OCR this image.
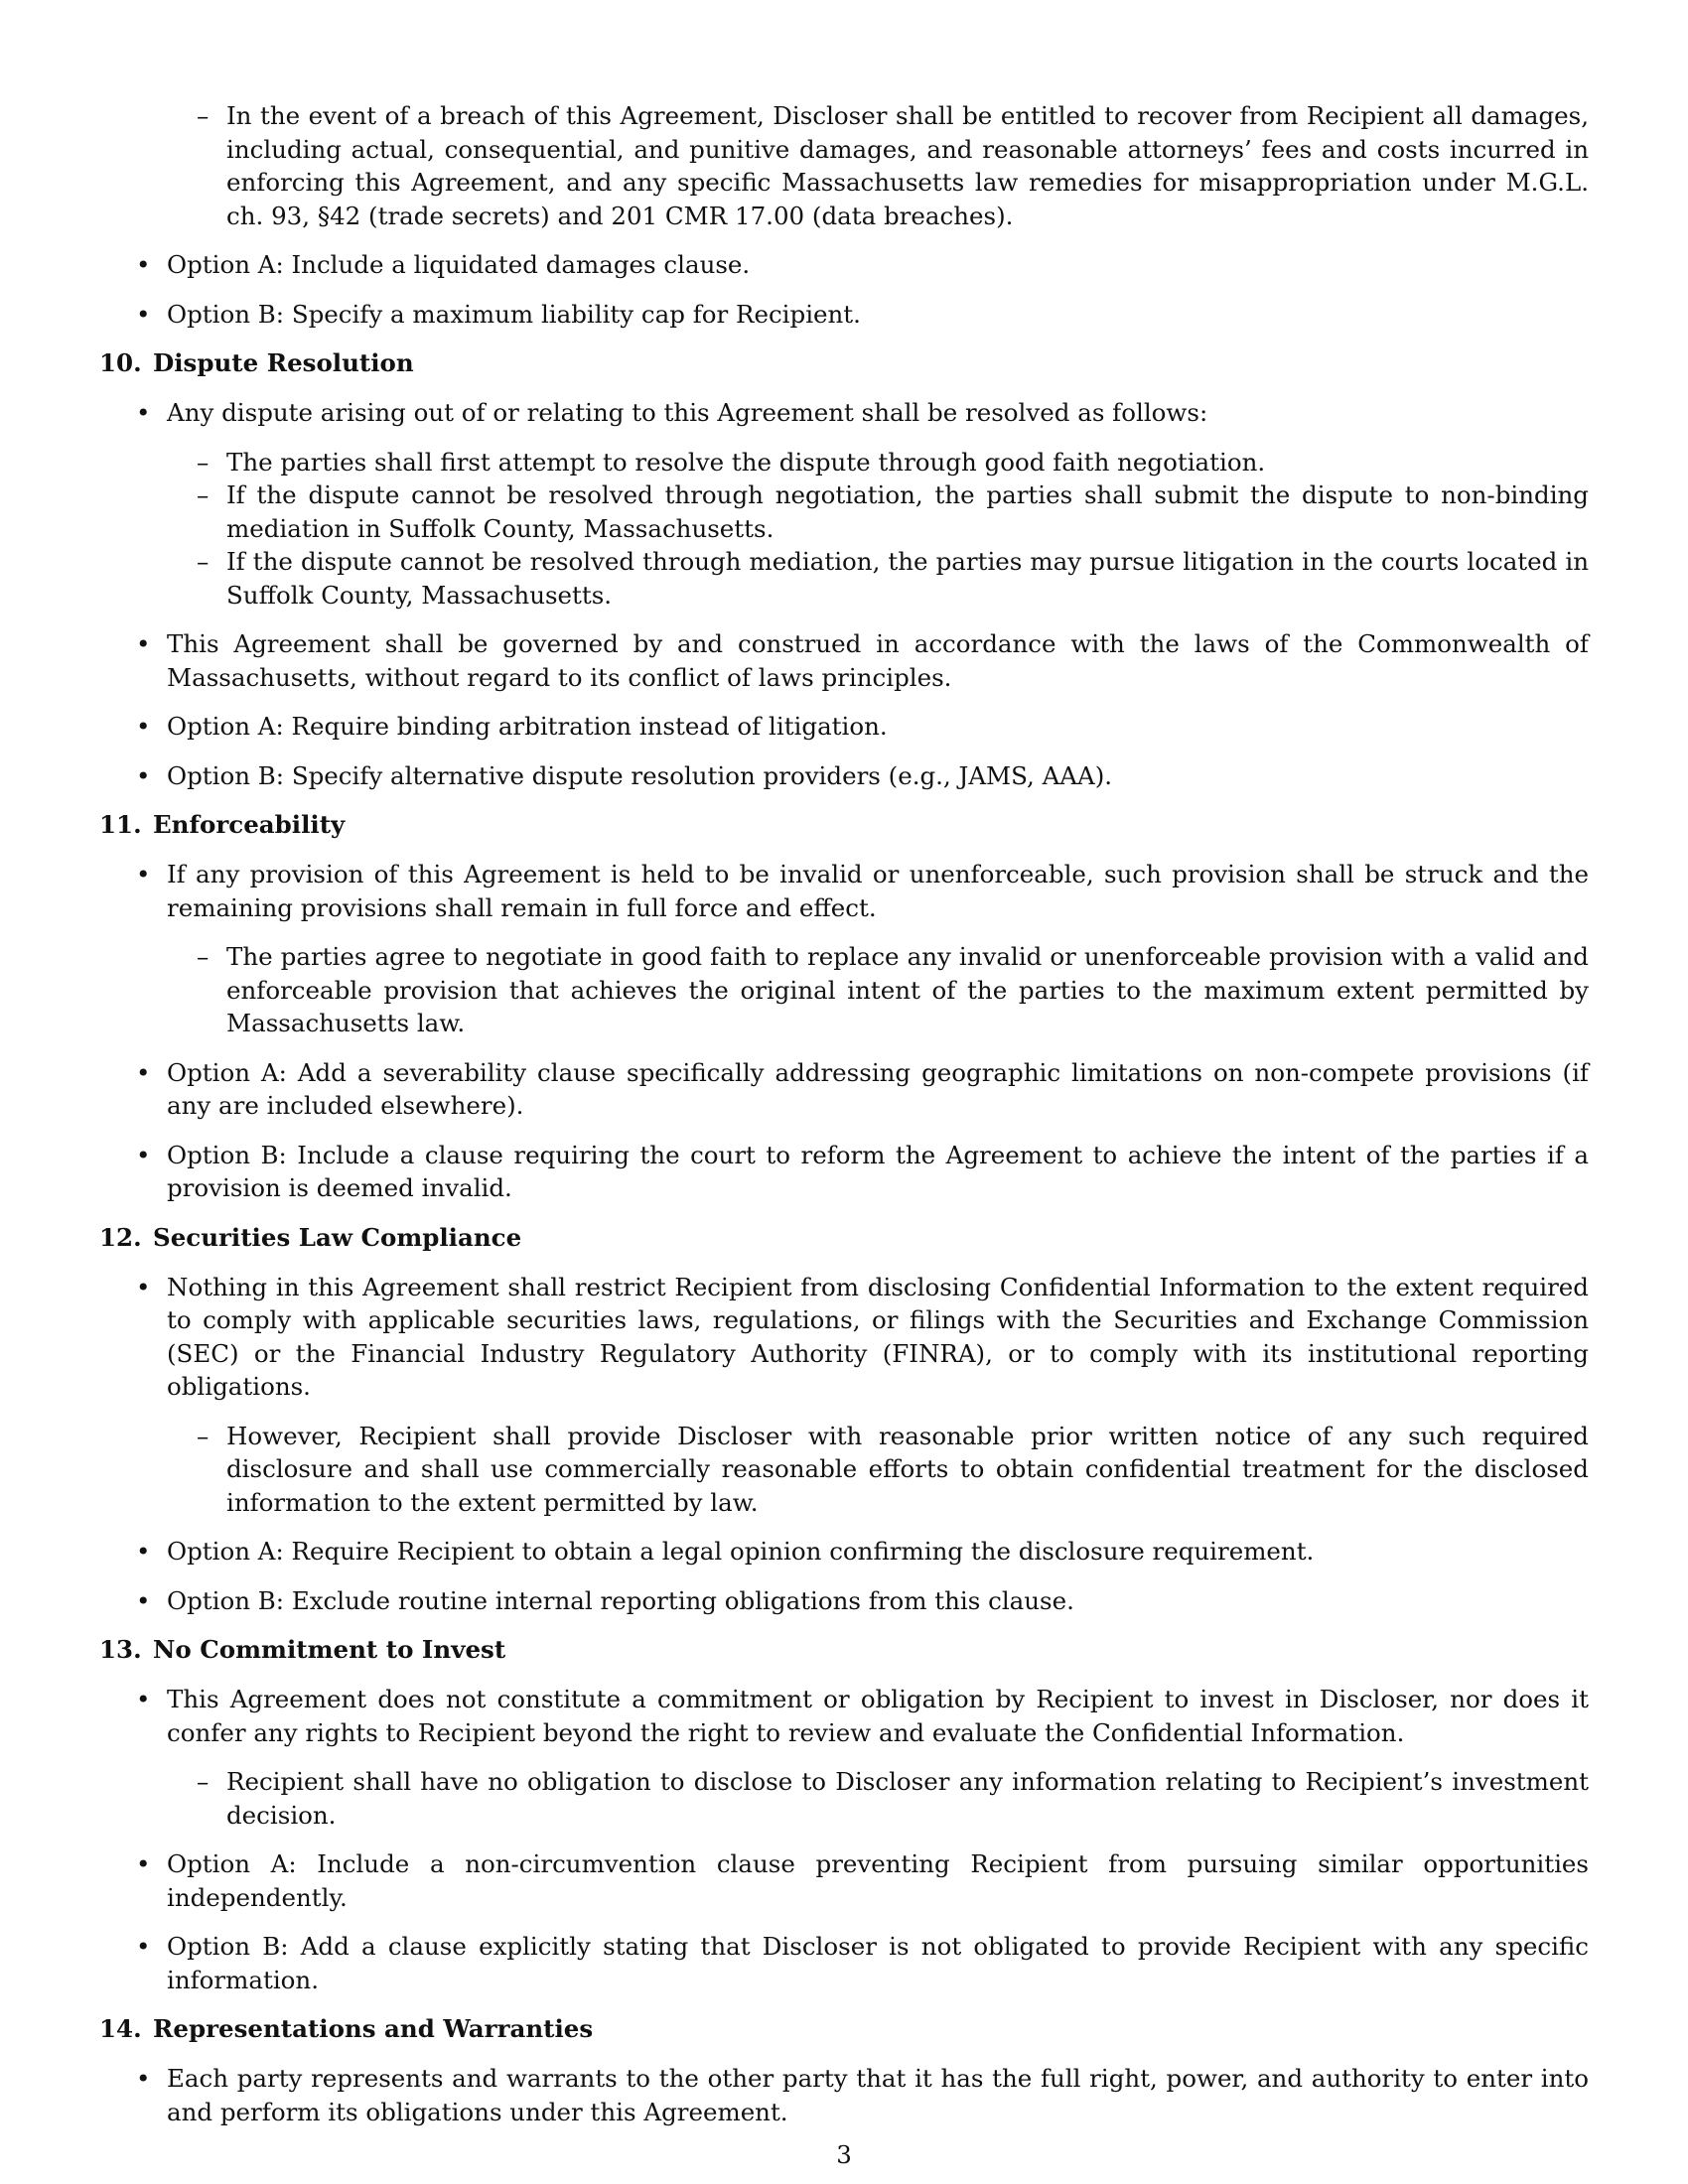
– In the event of a breach of this Agreement, Discloser shall be entitled to recover from Recipient all damages, including actual, consequential, and punitive damages, and reasonable attorneys’ fees and costs incurred in enforcing this Agreement, and any specific Massachusetts law remedies for misappropriation under M.G.L. ch. 93, §42 (trade secrets) and 201 CMR 17.00 (data breaches).

• Option A: Include a liquidated damages clause.

• Option B: Specify a maximum liability cap for Recipient.

10. Dispute Resolution

• Any dispute arising out of or relating to this Agreement shall be resolved as follows:

– The parties shall first attempt to resolve the dispute through good faith negotiation.

– If the dispute cannot be resolved through negotiation, the parties shall submit the dispute to non-binding mediation in Suffolk County, Massachusetts.

– If the dispute cannot be resolved through mediation, the parties may pursue litigation in the courts located in Suffolk County, Massachusetts.

• This Agreement shall be governed by and construed in accordance with the laws of the Commonwealth of Massachusetts, without regard to its conflict of laws principles.

• Option A: Require binding arbitration instead of litigation.

• Option B: Specify alternative dispute resolution providers (e.g., JAMS, AAA).

11. Enforceability

• If any provision of this Agreement is held to be invalid or unenforceable, such provision shall be struck and the remaining provisions shall remain in full force and effect.

– The parties agree to negotiate in good faith to replace any invalid or unenforceable provision with a valid and enforceable provision that achieves the original intent of the parties to the maximum extent permitted by Massachusetts law.

• Option A: Add a severability clause specifically addressing geographic limitations on non-compete provisions (if any are included elsewhere).

• Option B: Include a clause requiring the court to reform the Agreement to achieve the intent of the parties if a provision is deemed invalid.

12. Securities Law Compliance

• Nothing in this Agreement shall restrict Recipient from disclosing Confidential Information to the extent required to comply with applicable securities laws, regulations, or filings with the Securities and Exchange Commission (SEC) or the Financial Industry Regulatory Authority (FINRA), or to comply with its institutional reporting obligations.

– However, Recipient shall provide Discloser with reasonable prior written notice of any such required disclosure and shall use commercially reasonable efforts to obtain confidential treatment for the disclosed information to the extent permitted by law.

• Option A: Require Recipient to obtain a legal opinion confirming the disclosure requirement.

• Option B: Exclude routine internal reporting obligations from this clause.

13. No Commitment to Invest

• This Agreement does not constitute a commitment or obligation by Recipient to invest in Discloser, nor does it confer any rights to Recipient beyond the right to review and evaluate the Confidential Information.

– Recipient shall have no obligation to disclose to Discloser any information relating to Recipient’s investment decision.

• Option A: Include a non-circumvention clause preventing Recipient from pursuing similar opportunities independently.

• Option B: Add a clause explicitly stating that Discloser is not obligated to provide Recipient with any specific information.

14. Representations and Warranties

• Each party represents and warrants to the other party that it has the full right, power, and authority to enter into and perform its obligations under this Agreement.

3
